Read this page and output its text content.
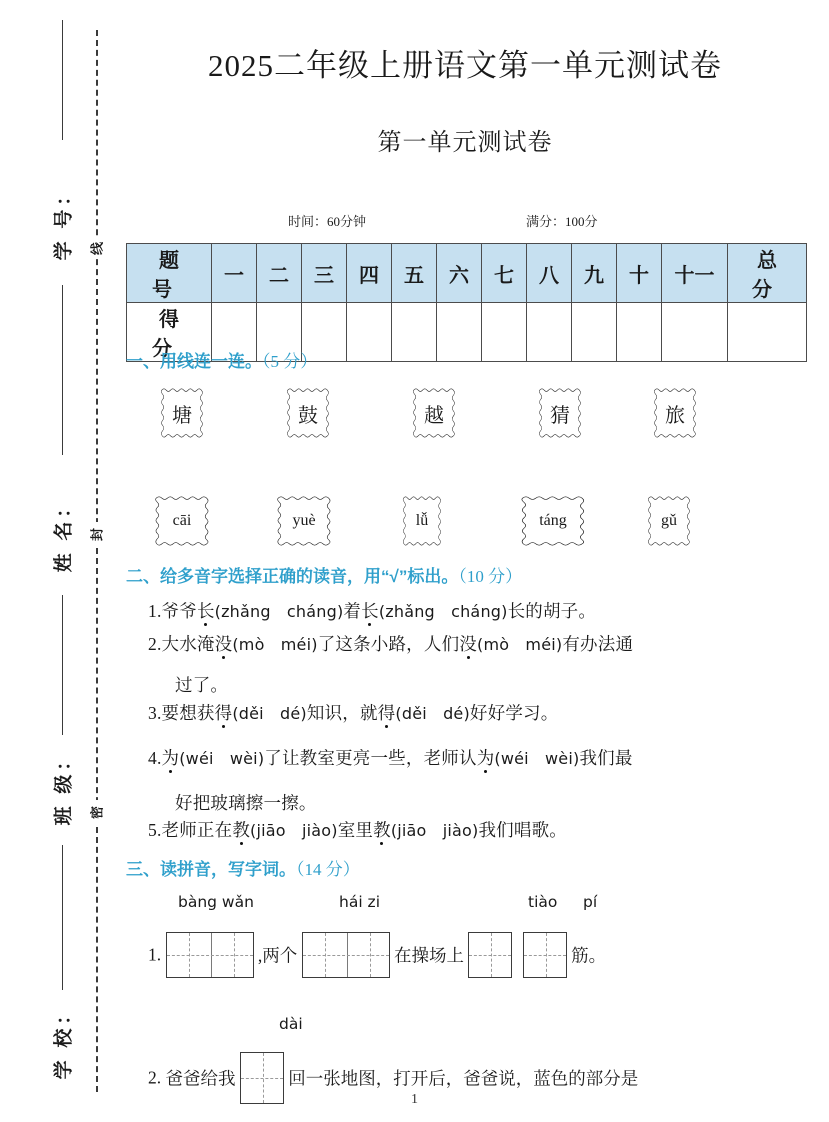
学 号：
姓 名：
班 级：
学 校：
线
封
密
2025二年级上册语文第一单元测试卷
第一单元测试卷
时间：60分钟	满分：100分
题 号	一	二	三	四	五	六	七	八	九	十	十一	总 分
得 分												
一、用线连一连。（5 分）
塘	鼓	越	猜	旅
cāi	yuè	lǚ	táng	gǔ
二、给多音字选择正确的读音，用“√”标出。（10 分）
1.爷爷长(zhǎng　cháng)着长(zhǎng　cháng)长的胡子。
2.大水淹没(mò　méi)了这条小路，人们没(mò　méi)有办法通
过了。
3.要想获得(děi　dé)知识，就得(děi　dé)好好学习。
4.为(wéi　wèi)了让教室更亮一些，老师认为(wéi　wèi)我们最
好把玻璃擦一擦。
5.老师正在教(jiāo　jiào)室里教(jiāo　jiào)我们唱歌。
三、读拼音，写字词。（14 分）
bàng wǎn	hái zi	tiào pí
1.	,两个	在操场上
	筋。
dài
2. 爸爸给我	回一张地图，打开后，爸爸说，蓝色的部分是
1
